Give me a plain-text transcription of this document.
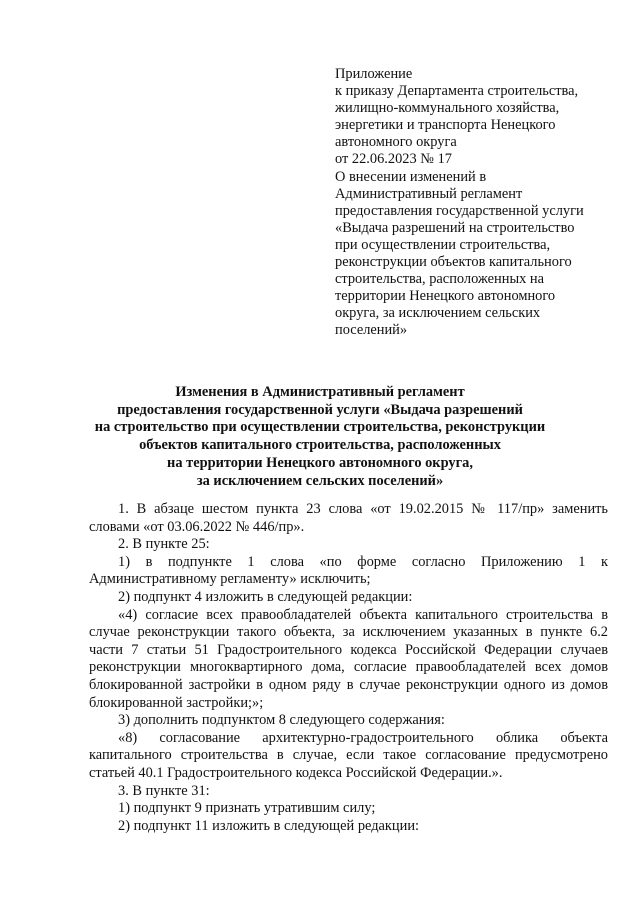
Приложение
к приказу Департамента строительства,
жилищно-коммунального хозяйства,
энергетики и транспорта Ненецкого
автономного округа
от 22.06.2023 № 17
О внесении изменений в
Административный регламент
предоставления государственной услуги
«Выдача разрешений на строительство
при осуществлении строительства,
реконструкции объектов капитального
строительства, расположенных на
территории Ненецкого автономного
округа, за исключением сельских
поселений»
Изменения в Административный регламент
предоставления государственной услуги «Выдача разрешений
на строительство при осуществлении строительства, реконструкции
объектов капитального строительства, расположенных
на территории Ненецкого автономного округа,
за исключением сельских поселений»
1. В абзаце шестом пункта 23 слова «от 19.02.2015 № 117/пр» заменить словами «от 03.06.2022 № 446/пр».
2. В пункте 25:
1) в подпункте 1 слова «по форме согласно Приложению 1 к Административному регламенту» исключить;
2) подпункт 4 изложить в следующей редакции:
«4) согласие всех правообладателей объекта капитального строительства в случае реконструкции такого объекта, за исключением указанных в пункте 6.2 части 7 статьи 51 Градостроительного кодекса Российской Федерации случаев реконструкции многоквартирного дома, согласие правообладателей всех домов блокированной застройки в одном ряду в случае реконструкции одного из домов блокированной застройки;»;
3) дополнить подпунктом 8 следующего содержания:
«8) согласование архитектурно-градостроительного облика объекта капитального строительства в случае, если такое согласование предусмотрено статьей 40.1 Градостроительного кодекса Российской Федерации.».
3. В пункте 31:
1) подпункт 9 признать утратившим силу;
2) подпункт 11 изложить в следующей редакции:
